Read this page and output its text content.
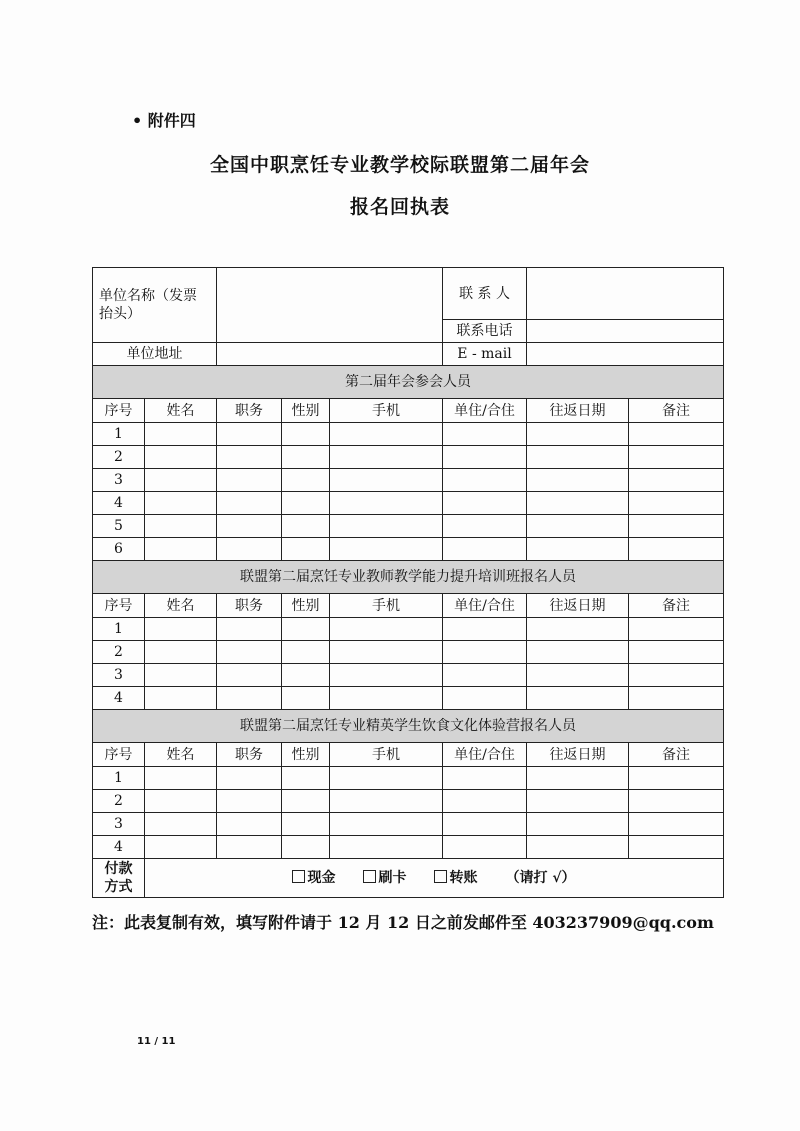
• 附件四
全国中职烹饪专业教学校际联盟第二届年会
报名回执表
单位名称（发票
抬头）					联 系 人		
					联系电话		
单位地址					E - mail		
第二届年会参会人员							
序号	姓名	职务	性别	手机	单住/合住	往返日期	备注
1							
2							
3							
4							
5							
6							
联盟第二届烹饪专业教师教学能力提升培训班报名人员							
序号	姓名	职务	性别	手机	单住/合住	往返日期	备注
1							
2							
3							
4							
联盟第二届烹饪专业精英学生饮食文化体验营报名人员							
序号	姓名	职务	性别	手机	单住/合住	往返日期	备注
1							
2							
3							
4							
付款
方式	现金 刷卡 转账 （请打 √）						
注：此表复制有效，填写附件请于 12 月 12 日之前发邮件至 403237909@qq.com
11 / 11
